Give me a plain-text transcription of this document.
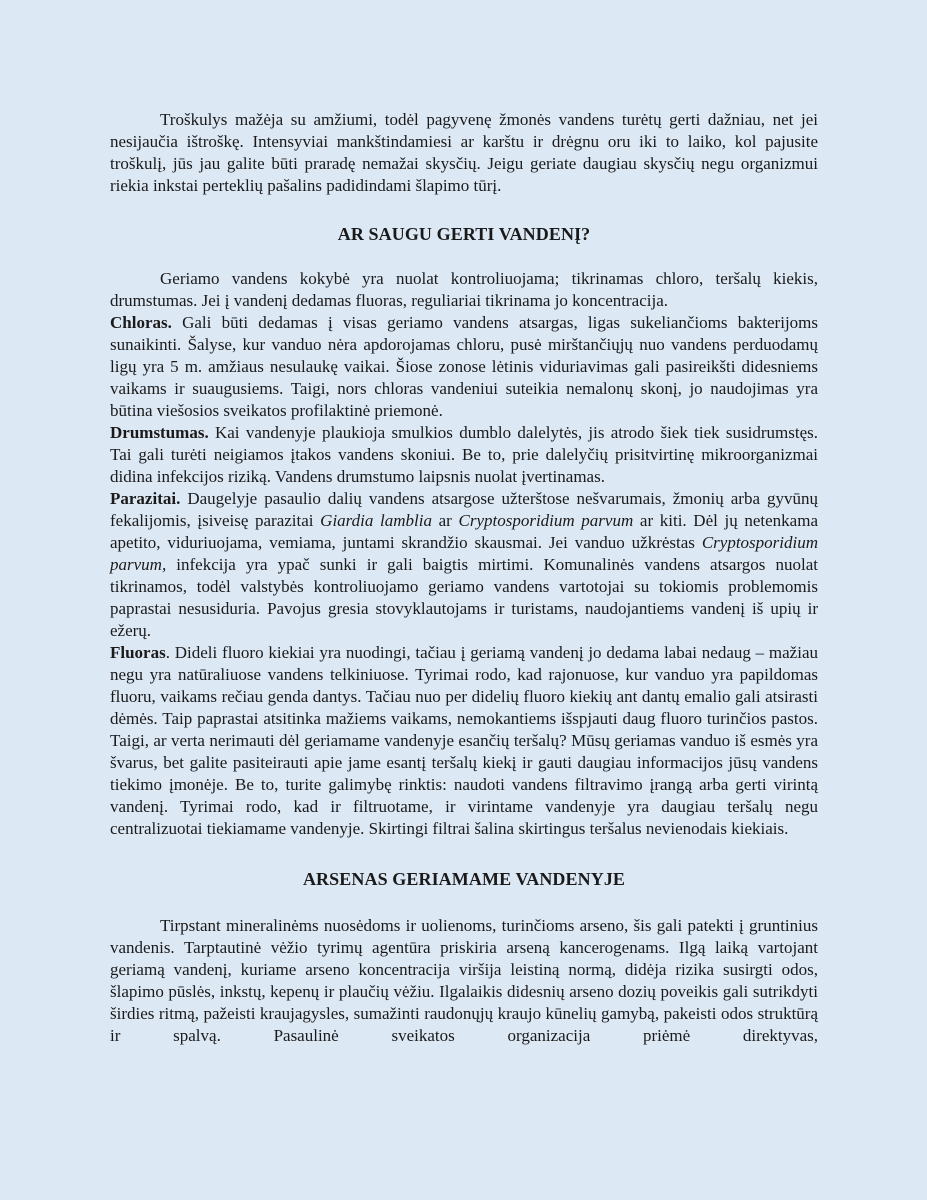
Troškulys mažėja su amžiumi, todėl pagyvenę žmonės vandens turėtų gerti dažniau, net jei nesijaučia ištroškę. Intensyviai mankštindamiesi ar karštu ir drėgnu oru iki to laiko, kol pajusite troškulį, jūs jau galite būti praradę nemažai skysčių. Jeigu geriate daugiau skysčių negu organizmui riekia inkstai perteklių pašalins padidindami šlapimo tūrį.

AR SAUGU GERTI VANDENĮ?

Geriamo vandens kokybė yra nuolat kontroliuojama; tikrinamas chloro, teršalų kiekis, drumstumas. Jei į vandenį dedamas fluoras, reguliariai tikrinama jo koncentracija.

Chloras. Gali būti dedamas į visas geriamo vandens atsargas, ligas sukeliančioms bakterijoms sunaikinti. Šalyse, kur vanduo nėra apdorojamas chloru, pusė mirštančiųjų nuo vandens perduodamų ligų yra 5 m. amžiaus nesulaukę vaikai. Šiose zonose lėtinis viduriavimas gali pasireikšti didesniems vaikams ir suaugusiems. Taigi, nors chloras vandeniui suteikia nemalonų skonį, jo naudojimas yra būtina viešosios sveikatos profilaktinė priemonė.

Drumstumas. Kai vandenyje plaukioja smulkios dumblo dalelytės, jis atrodo šiek tiek susidrumstęs. Tai gali turėti neigiamos įtakos vandens skoniui. Be to, prie dalelyčių prisitvirtinę mikroorganizmai didina infekcijos riziką. Vandens drumstumo laipsnis nuolat įvertinamas.

Parazitai. Daugelyje pasaulio dalių vandens atsargose užterštose nešvarumais, žmonių arba gyvūnų fekalijomis, įsiveisę parazitai Giardia lamblia ar Cryptosporidium parvum ar kiti. Dėl jų netenkama apetito, viduriuojama, vemiama, juntami skrandžio skausmai. Jei vanduo užkrėstas Cryptosporidium parvum, infekcija yra ypač sunki ir gali baigtis mirtimi. Komunalinės vandens atsargos nuolat tikrinamos, todėl valstybės kontroliuojamo geriamo vandens vartotojai su tokiomis problemomis paprastai nesusiduria. Pavojus gresia stovyklautojams ir turistams, naudojantiems vandenį iš upių ir ežerų.

Fluoras. Dideli fluoro kiekiai yra nuodingi, tačiau į geriamą vandenį jo dedama labai nedaug – mažiau negu yra natūraliuose vandens telkiniuose. Tyrimai rodo, kad rajonuose, kur vanduo yra papildomas fluoru, vaikams rečiau genda dantys. Tačiau nuo per didelių fluoro kiekių ant dantų emalio gali atsirasti dėmės. Taip paprastai atsitinka mažiems vaikams, nemokantiems išspjauti daug fluoro turinčios pastos. Taigi, ar verta nerimauti dėl geriamame vandenyje esančių teršalų? Mūsų geriamas vanduo iš esmės yra švarus, bet galite pasiteirauti apie jame esantį teršalų kiekį ir gauti daugiau informacijos jūsų vandens tiekimo įmonėje. Be to, turite galimybę rinktis: naudoti vandens filtravimo įrangą arba gerti virintą vandenį. Tyrimai rodo, kad ir filtruotame, ir virintame vandenyje yra daugiau teršalų negu centralizuotai tiekiamame vandenyje. Skirtingi filtrai šalina skirtingus teršalus nevienodais kiekiais.

ARSENAS GERIAMAME VANDENYJE

Tirpstant mineralinėms nuosėdoms ir uolienoms, turinčioms arseno, šis gali patekti į gruntinius vandenis. Tarptautinė vėžio tyrimų agentūra priskiria arseną kancerogenams. Ilgą laiką vartojant geriamą vandenį, kuriame arseno koncentracija viršija leistiną normą, didėja rizika susirgti odos, šlapimo pūslės, inkstų, kepenų ir plaučių vėžiu. Ilgalaikis didesnių arseno dozių poveikis gali sutrikdyti širdies ritmą, pažeisti kraujagysles, sumažinti raudonųjų kraujo kūnelių gamybą, pakeisti odos struktūrą ir spalvą. Pasaulinė sveikatos organizacija priėmė direktyvas,
